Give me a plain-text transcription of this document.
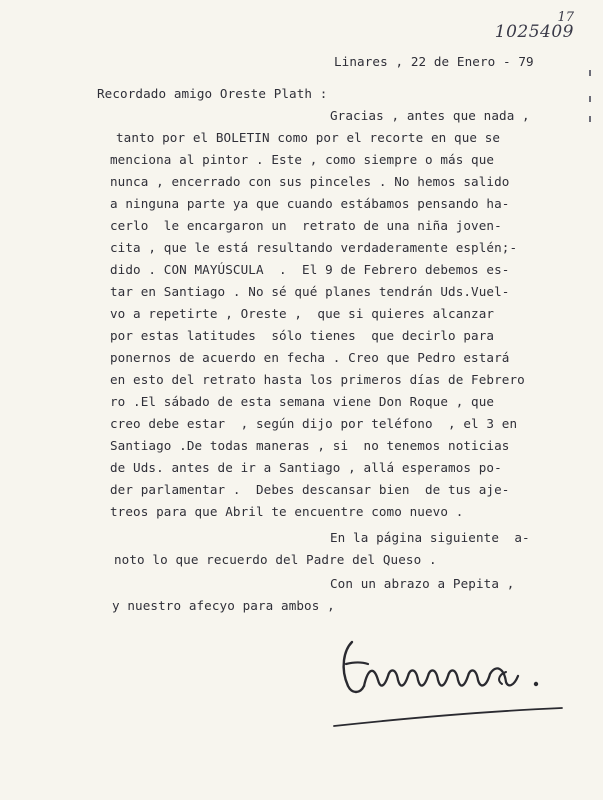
17
1025409
Linares , 22 de Enero - 79
Recordado amigo Oreste Plath :
Gracias , antes que nada ,
tanto por el BOLETIN como por el recorte en que se
menciona al pintor . Este , como siempre o más que
nunca , encerrado con sus pinceles . No hemos salido
a ninguna parte ya que cuando estábamos pensando ha-
cerlo  le encargaron un  retrato de una niña joven-
cita , que le está resultando verdaderamente esplén;-
dido . CON MAYÚSCULA  .  El 9 de Febrero debemos es-
tar en Santiago . No sé qué planes tendrán Uds.Vuel-
vo a repetirte , Oreste ,  que si quieres alcanzar
por estas latitudes  sólo tienes  que decirlo para
ponernos de acuerdo en fecha . Creo que Pedro estará
en esto del retrato hasta los primeros días de Febrero
ro .El sábado de esta semana viene Don Roque , que
creo debe estar  , según dijo por teléfono  , el 3 en
Santiago .De todas maneras , si  no tenemos noticias
de Uds. antes de ir a Santiago , allá esperamos po-
der parlamentar .  Debes descansar bien  de tus aje-
treos para que Abril te encuentre como nuevo .
En la página siguiente  a-
noto lo que recuerdo del Padre del Queso .
Con un abrazo a Pepita ,
y nuestro afecyo para ambos ,
